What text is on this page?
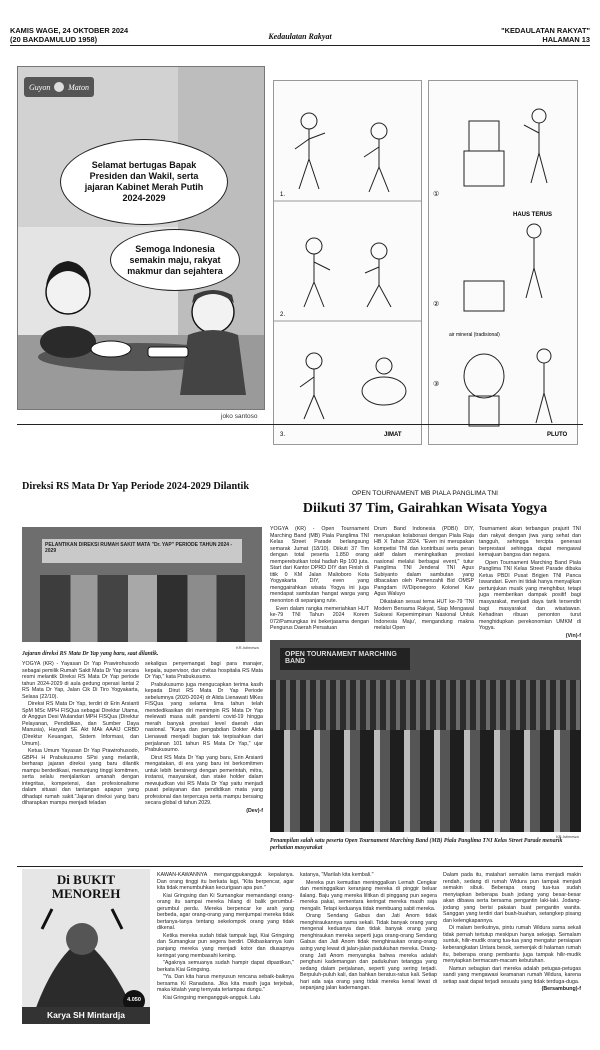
KAMIS WAGE, 24 OKTOBER 2024
(20 BAKDAMULUD 1958)	Kedaulatan Rakyat
"KEDAULATAN RAKYAT"
HALAMAN 13
Guyon Maton
Selamat bertugas Bapak Presiden dan Wakil, serta jajaran Kabinet Merah Putih 2024-2029
Semoga Indonesia semakin maju, rakyat makmur dan sejahtera
joko santoso
1.
2.
3.	JIMAT
①
②
③
HAUS TERUS
air mineral (tradisional)
PLUTO
Direksi RS Mata Dr Yap Periode 2024-2029 Dilantik
PELANTIKAN DIREKSI RUMAH SAKIT MATA "Dr. YAP" PERIODE TAHUN 2024 - 2029
KR-Istimewa
Jajaran direksi RS Mata Dr Yap yang baru, saat dilantik.

YOGYA (KR) - Yayasan Dr Yap Prawirohusodo sebagai pemilik Rumah Sakit Mata Dr Yap secara resmi melantik Direksi RS Mata Dr Yap periode tahun 2024-2029 di aula gedung operasi lantai 2 RS Mata Dr Yap, Jalan Cik Di Tiro Yogyakarta, Selasa (22/10).

Direksi RS Mata Dr Yap, terdiri dr Erin Arsianti SpM MSc MPH FISQua sebagai Direktur Utama, dr Anggun Desi Wulandari MPH FISQua (Direktur Pelayanan, Pendidikan, dan Sumber Daya Manusia), Haryadi SE Akt MAk AAAIJ CRBD (Direktur Keuangan, Sistem Informasi, dan Umum).

Ketua Umum Yayasan Dr Yap Prawirohusodo, GBPH H Prabukusumo SPsi yang melantik, berharap jajaran direksi yang baru dilantik mampu berdedikasi, menunjung tinggi komitmen, serta selalu menjalankan amanah dengan integritas, kompetensi, dan profesionalisme dalam situasi dan tantangan apapun yang dihadapi rumah sakit."Jajaran direksi yang baru diharapkan mampu menjadi teladan

sekaligus penyemangat bagi para manajer, kepala, supervisor, dan civitas hospitalia RS Mata Dr Yap," kata Prabukusumo.

Prabukusumo juga mengucapkan terima kasih kepada Dirut RS Mata Dr Yap Periode sebelumnya (2020-2024) dr Alida Lienawati MKes FISQua yang selama lima tahun telah mendedikasikan diri memimpin RS Mata Dr Yap melewati masa sulit pandemi covid-19 hingga meraih banyak prestasi level daerah dan nasional. "Karya dan pengabdian Dokter Alida Lienawati menjadi bagian tak terpisahkan dari perjalanan 101 tahun RS Mata Dr Yap," ujar Prabukusumo.

Dirut RS Mata Dr Yap yang baru, Erin Arsianti mengatakan, di era yang baru ini berkomitmen untuk lebih bersinergi dengan pemerintah, mitra, instansi, masyarakat, dan stake holder dalam mewujudkan visi RS Mata Dr Yap yaitu menjadi pusat pelayanan dan pendidikan mata yang profesional dan terpercaya serta mampu bersaing secara global di tahun 2029.

(Dev)-f

OPEN TOURNAMENT MB PIALA PANGLIMA TNI
Diikuti 37 Tim, Gairahkan Wisata Yogya

YOGYA (KR) - Open Tournament Marching Band (MB) Piala Panglima TNI Kelas Street Parade berlangsung semarak Jumat (18/10). Diikuti 37 Tim dengan total peserta 1.850 orang memperebutkan total hadiah Rp 100 juta. Start dari Kantor DPRD DIY dan Finish di titik 0 KM Jalan Malioboro Kota Yogyakarta DIY, even yang menggairahkan wisata Yogya ini juga mendapat sambutan hangat warga yang menonton di sepanjang rute.

Even dalam rangka memeriahkan HUT ke-79 TNI Tahun 2024 Korem 072/Pamungkas ini bekerjasama dengan Pengurus Daerah Persatuan

Drum Band Indonesia (PDBI) DIY, merupakan kolaborasi dengan Piala Raja HB X Tahun 2024. "Even ini merupakan kompetisi TNI dan kontribusi serta peran aktif dalam meningkatkan prestasi nasional melalui berbagai event," tutur Panglima TNI Jenderal TNI Agus Subiyanto dalam sambutan yang dibacakan oleh Pamenzahli Bid OMSP Pangdam IV/Diponegoro Kolonel Kav Agus Waluyo

Dikatakan sesuai tema HUT ke-79 'TNI Modern Bersama Rakyat, Siap Mengawal Suksesi Kepemimpinan Nasional Untuk Indonesia Maju', mengandung makna melalui Open

Tournament akan terbangun prajurit TNI dan rakyat dengan jiwa yang sehat dan tangguh, sehingga tercipta generasi berprestasi sehingga dapat mengawal kemajuan bangsa dan negara.

Open Tournament Marching Band Piala Panglima TNI Kelas Street Parade dibuka Ketua PBDI Pusat Brigjen TNI Panca Iswandari. Even ini tidak hanya menyajikan pertunjukan musik yang menghibur, tetapi juga memberikan dampak positif bagi masyarakat, menjadi daya tarik tersendiri bagi masyarakat dan wisatawan. Kehadiran ribuan penonton turut menghidupkan perekonomian UMKM di Yogya.

(Vin)-f

OPEN TOURNAMENT MARCHING BAND
KR-Istimewa
Penampilan salah satu peserta Open Tournament Marching Band (MB) Piala Panglima TNI Kelas Street Parade menarik perhatian masyarakat
Di BUKIT MENOREH
4.050
Karya SH Mintardja

KAWAN-KAWANNYA menganggukangguk kepalanya. Dan orang tinggi itu berkata lagi, "Kita berpencar, agar kita tidak menumbuhkan kecurigaan apa pun."

Kiai Gringsing dan Ki Sumangkar memandangi orang-orang itu sampai mereka hilang di balik gerumbul-gerumbul perdu. Mereka berpencar ke arah yang berbeda, agar orang-orang yang menjumpai mereka tidak bertanya-tanya tentang sekelompok orang yang tidak dikenal.

Ketika mereka sudah tidak tampak lagi, Kiai Gringsing dan Sumangkar pun segera berdiri. Dikibaskannya kain panjang mereka yang menjadi kotor dan diusapnya keringat yang membasahi kening.

"Agaknya semuanya sudah hampir dapat dipastikan," berkata Kiai Gringsing.

"Ya. Dan kita harus menyusun rencana sebaik-baiknya bersama Ki Ranadana. Jika kita masih juga terjebak, maka kitalah yang ternyata terlampau dungu."

Kiai Gringsing mengangguk-angguk. Lalu

katanya, "Marilah kita kembali."

Mereka pun kemudian meninggalkan Lemah Cengkar dan meninggalkan keranjang mereka di pinggir beluar ilalang. Baju yang mereka lilitkan di pinggang pun segera mereka pakai, sementara keringat mereka masih saja mengalir. Tetapi keduanya tidak membuang sabit mereka.

Orang Sendang Gabus dan Jati Anom tidak menghiraukannya sama sekali. Tidak banyak orang yang mengenal keduanya dan tidak banyak orang yang menghiraukan mereka seperti juga orang-orang Sendang Gabus dan Jati Anom tidak menghiraukan orang-orang asing yang lewat di jalan-jalan padukuhan mereka. Orang-orang Jati Anom menyangka bahwa mereka adalah penghuni kademangan dan padukuhan tetangga yang sedang dalam perjalanan, seperti yang sering terjadi. Berpuluh-puluh kali, dan bahkan beratus-ratus kali. Setiap hari ada saja orang yang tidak mereka kenal lewat di sepanjang jalan kademangan.

Dalam pada itu, matahari semakin lama menjadi makin rendah, sedang di rumah Widura pun tampak menjadi semakin sibuk. Beberapa orang tua-tua sudah menyiapkan beberapa buah jodang yang besar-besar akan dibawa serta bersama pengantin laki-laki. Jodang-jodang yang berisi pakaian buat pengantin wanita. Sanggan yang terdiri dari buah-buahan, setangkep pisang dan kelengkapannya.

Di malam berikutnya, pintu rumah Widura sama sekali tidak pernah tertutup meskipun hanya sekejap. Semalam suntuk, hilir-mudik orang tua-tua yang mengatur persiapan keberangkatan Untara besok, semenjak di halaman rumah itu, beberapa orang pembantu juga tampak hilir-mudik menyiapkan bermacam-macam kebutuhan.

Namun sebagian dari mereka adalah petugas-petugas sandi yang mengawasi keamanan rumah Widura, karena setiap saat dapat terjadi sesuatu yang tidak terduga-duga.

(Bersambung)-f
